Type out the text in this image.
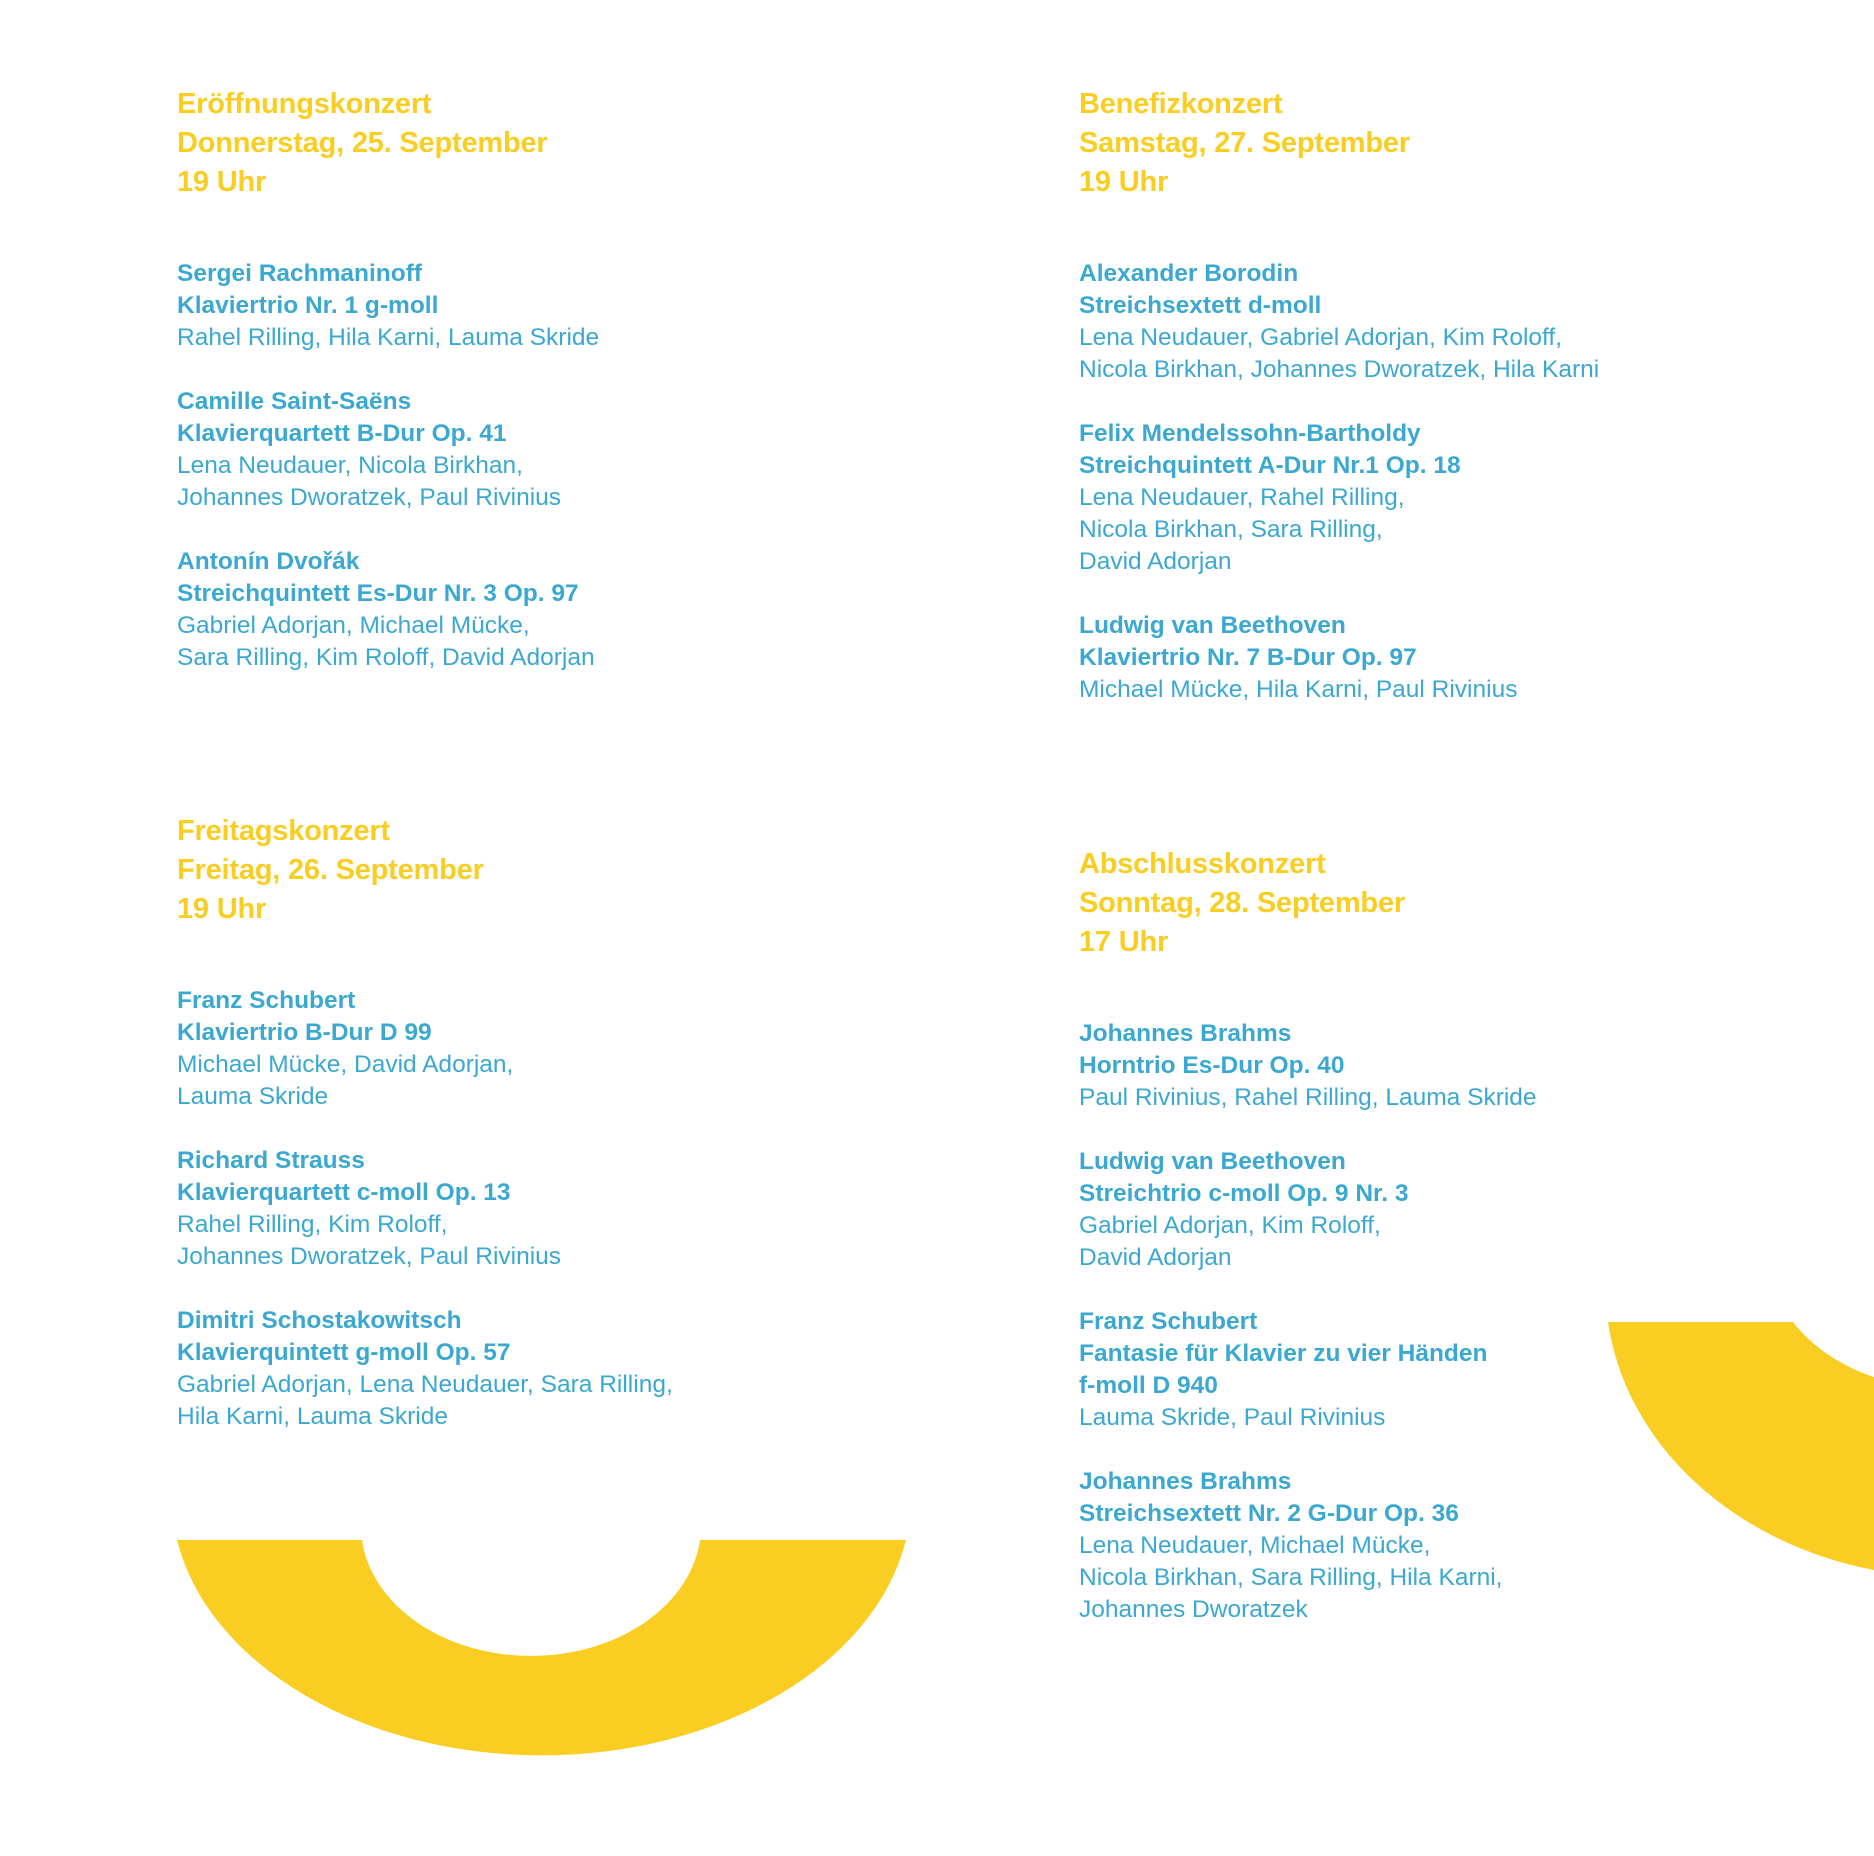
Eröffnungskonzert
Donnerstag, 25. September
19 Uhr
Sergei Rachmaninoff
Klaviertrio Nr. 1 g-moll
Rahel Rilling, Hila Karni, Lauma Skride
Camille Saint-Saëns
Klavierquartett B-Dur Op. 41
Lena Neudauer, Nicola Birkhan,
Johannes Dworatzek, Paul Rivinius
Antonín Dvořák
Streichquintett Es-Dur Nr. 3 Op. 97
Gabriel Adorjan, Michael Mücke,
Sara Rilling, Kim Roloff, David Adorjan
Benefizkonzert
Samstag, 27. September
19 Uhr
Alexander Borodin
Streichsextett d-moll
Lena Neudauer, Gabriel Adorjan, Kim Roloff,
Nicola Birkhan, Johannes Dworatzek, Hila Karni
Felix Mendelssohn-Bartholdy
Streichquintett A-Dur Nr.1 Op. 18
Lena Neudauer, Rahel Rilling,
Nicola Birkhan, Sara Rilling,
David Adorjan
Ludwig van Beethoven
Klaviertrio Nr. 7 B-Dur Op. 97
Michael Mücke, Hila Karni, Paul Rivinius
Freitagskonzert
Freitag, 26. September
19 Uhr
Franz Schubert
Klaviertrio B-Dur D 99
Michael Mücke, David Adorjan,
Lauma Skride
Richard Strauss
Klavierquartett c-moll Op. 13
Rahel Rilling, Kim Roloff,
Johannes Dworatzek, Paul Rivinius
Dimitri Schostakowitsch
Klavierquintett g-moll Op. 57
Gabriel Adorjan, Lena Neudauer, Sara Rilling,
Hila Karni, Lauma Skride
Abschlusskonzert
Sonntag, 28. September
17 Uhr
Johannes Brahms
Horntrio Es-Dur Op. 40
Paul Rivinius, Rahel Rilling, Lauma Skride
Ludwig van Beethoven
Streichtrio c-moll Op. 9 Nr. 3
Gabriel Adorjan, Kim Roloff,
David Adorjan
Franz Schubert
Fantasie für Klavier zu vier Händen
f-moll D 940
Lauma Skride, Paul Rivinius
Johannes Brahms
Streichsextett Nr. 2 G-Dur Op. 36
Lena Neudauer, Michael Mücke,
Nicola Birkhan, Sara Rilling, Hila Karni,
Johannes Dworatzek
